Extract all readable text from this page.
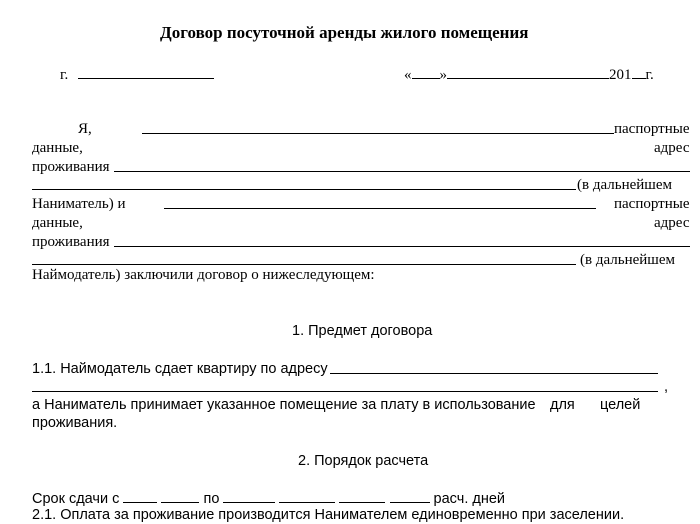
Договор посуточной аренды жилого помещения
г.	« »	201 г.
Я,	паспортные
данные,	адрес
проживания
(в дальнейшем
Наниматель) и	паспортные
данные,	адрес
проживания
(в дальнейшем
Наймодатель) заключили договор о нижеследующем:
1. Предмет договора
1.1. Наймодатель сдает квартиру по адресу
,
а Наниматель принимает указанное помещение за плату в использование для целей
проживания.
2. Порядок расчета
Срок сдачи с	по	расч. дней
2.1. Оплата за проживание производится Нанимателем единовременно при заселении.
